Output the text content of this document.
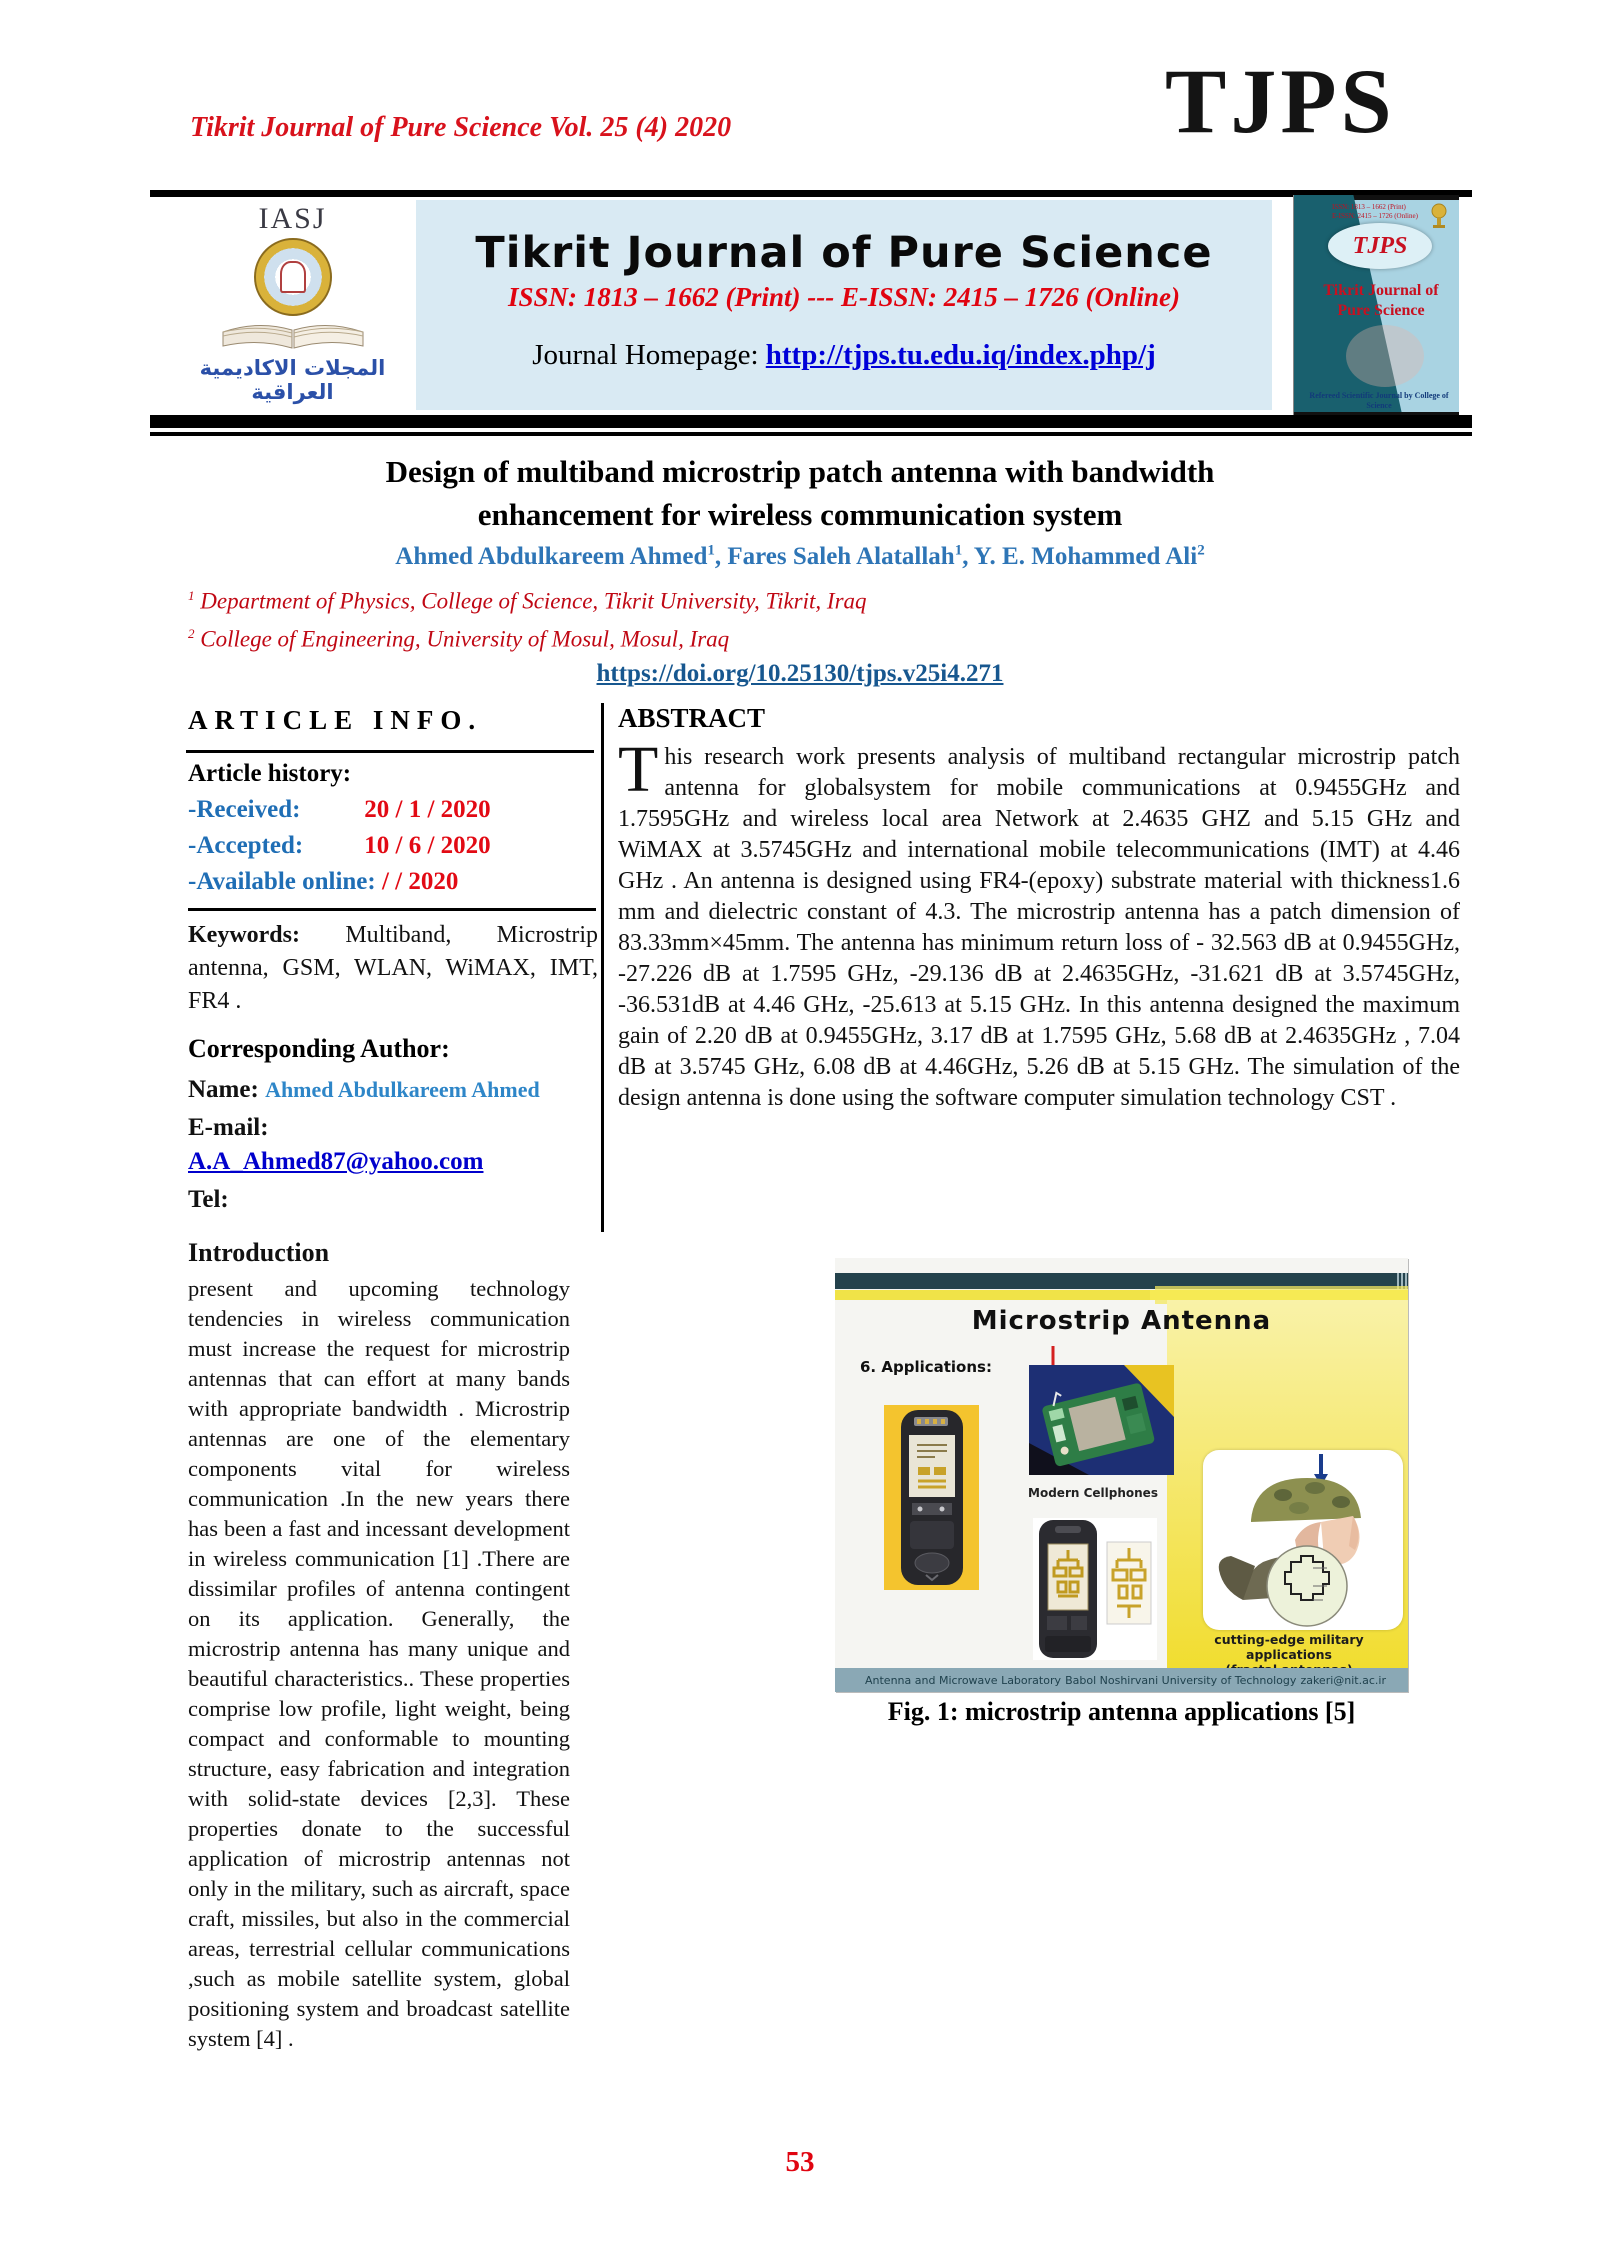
Tikrit Journal of Pure Science Vol. 25 (4) 2020	TJPS
IASJ
المجلات الاكاديمية العراقية
Tikrit Journal of Pure Science
ISSN: 1813 – 1662 (Print) --- E-ISSN: 2415 – 1726 (Online)
Journal Homepage: http://tjps.tu.edu.iq/index.php/j
ISSN: 1813 – 1662 (Print)
E-ISSN: 2415 – 1726 (Online)
TJPS
Tikrit Journal of
Pure Science
Refereed Scientific Journal by College of Science
Design of multiband microstrip patch antenna with bandwidth
enhancement for wireless communication system
Ahmed Abdulkareem Ahmed$^1$, Fares Saleh Alatallah$^1$, Y. E. Mohammed Ali$^2$
$^1$ Department of Physics, College of Science, Tikrit University, Tikrit, Iraq
$^2$ College of Engineering, University of Mosul, Mosul, Iraq
https://doi.org/10.25130/tjps.v25i4.271
ARTICLE INFO.
Article history:
-Received:	20 / 1 / 2020
-Accepted: 10 / 6 / 2020
-Available online: / / 2020
Keywords: Multiband, Microstrip antenna, GSM, WLAN, WiMAX, IMT, FR4 .
Corresponding Author:
Name: Ahmed Abdulkareem Ahmed
E-mail:
A.A_Ahmed87@yahoo.com
Tel:
ABSTRACT
This research work presents analysis of multiband rectangular microstrip patch antenna for globalsystem for mobile communications at 0.9455GHz and 1.7595GHz and wireless local area Network at 2.4635 GHZ and 5.15 GHz and WiMAX at 3.5745GHz and international mobile telecommunications (IMT) at 4.46 GHz . An antenna is designed using FR4-(epoxy) substrate material with thickness1.6 mm and dielectric constant of 4.3. The microstrip antenna has a patch dimension of 83.33mm×45mm. The antenna has minimum return loss of - 32.563 dB at 0.9455GHz, -27.226 dB at 1.7595 GHz, -29.136 dB at 2.4635GHz, -31.621 dB at 3.5745GHz, -36.531dB at 4.46 GHz, -25.613 at 5.15 GHz. In this antenna designed the maximum gain of 2.20 dB at 0.9455GHz, 3.17 dB at 1.7595 GHz, 5.68 dB at 2.4635GHz , 7.04 dB at 3.5745 GHz, 6.08 dB at 4.46GHz, 5.26 dB at 5.15 GHz. The simulation of the design antenna is done using the software computer simulation technology CST .
Introduction
present and upcoming technology tendencies in wireless communication must increase the request for microstrip antennas that can effort at many bands with appropriate bandwidth . Microstrip antennas are one of the elementary components vital for wireless communication .In the new years there has been a fast and incessant development in wireless communication [1] .There are dissimilar profiles of antenna contingent on its application. Generally, the microstrip antenna has many unique and beautiful characteristics.. These properties comprise low profile, light weight, being compact and conformable to mounting structure, easy fabrication and integration with solid-state devices [2,3]. These properties donate to the successful application of microstrip antennas not only in the military, such as aircraft, space craft, missiles, but also in the commercial areas, terrestrial cellular communications ,such as mobile satellite system, global positioning system and broadcast satellite system [4] .
Microstrip Antenna
6. Applications:
Modern Cellphones
cutting-edge military applications

Antenna and Microwave Laboratory Babol Noshirvani University of Technology zakeri@nit.ac.ir
Fig. 1: microstrip antenna applications [5]
53
